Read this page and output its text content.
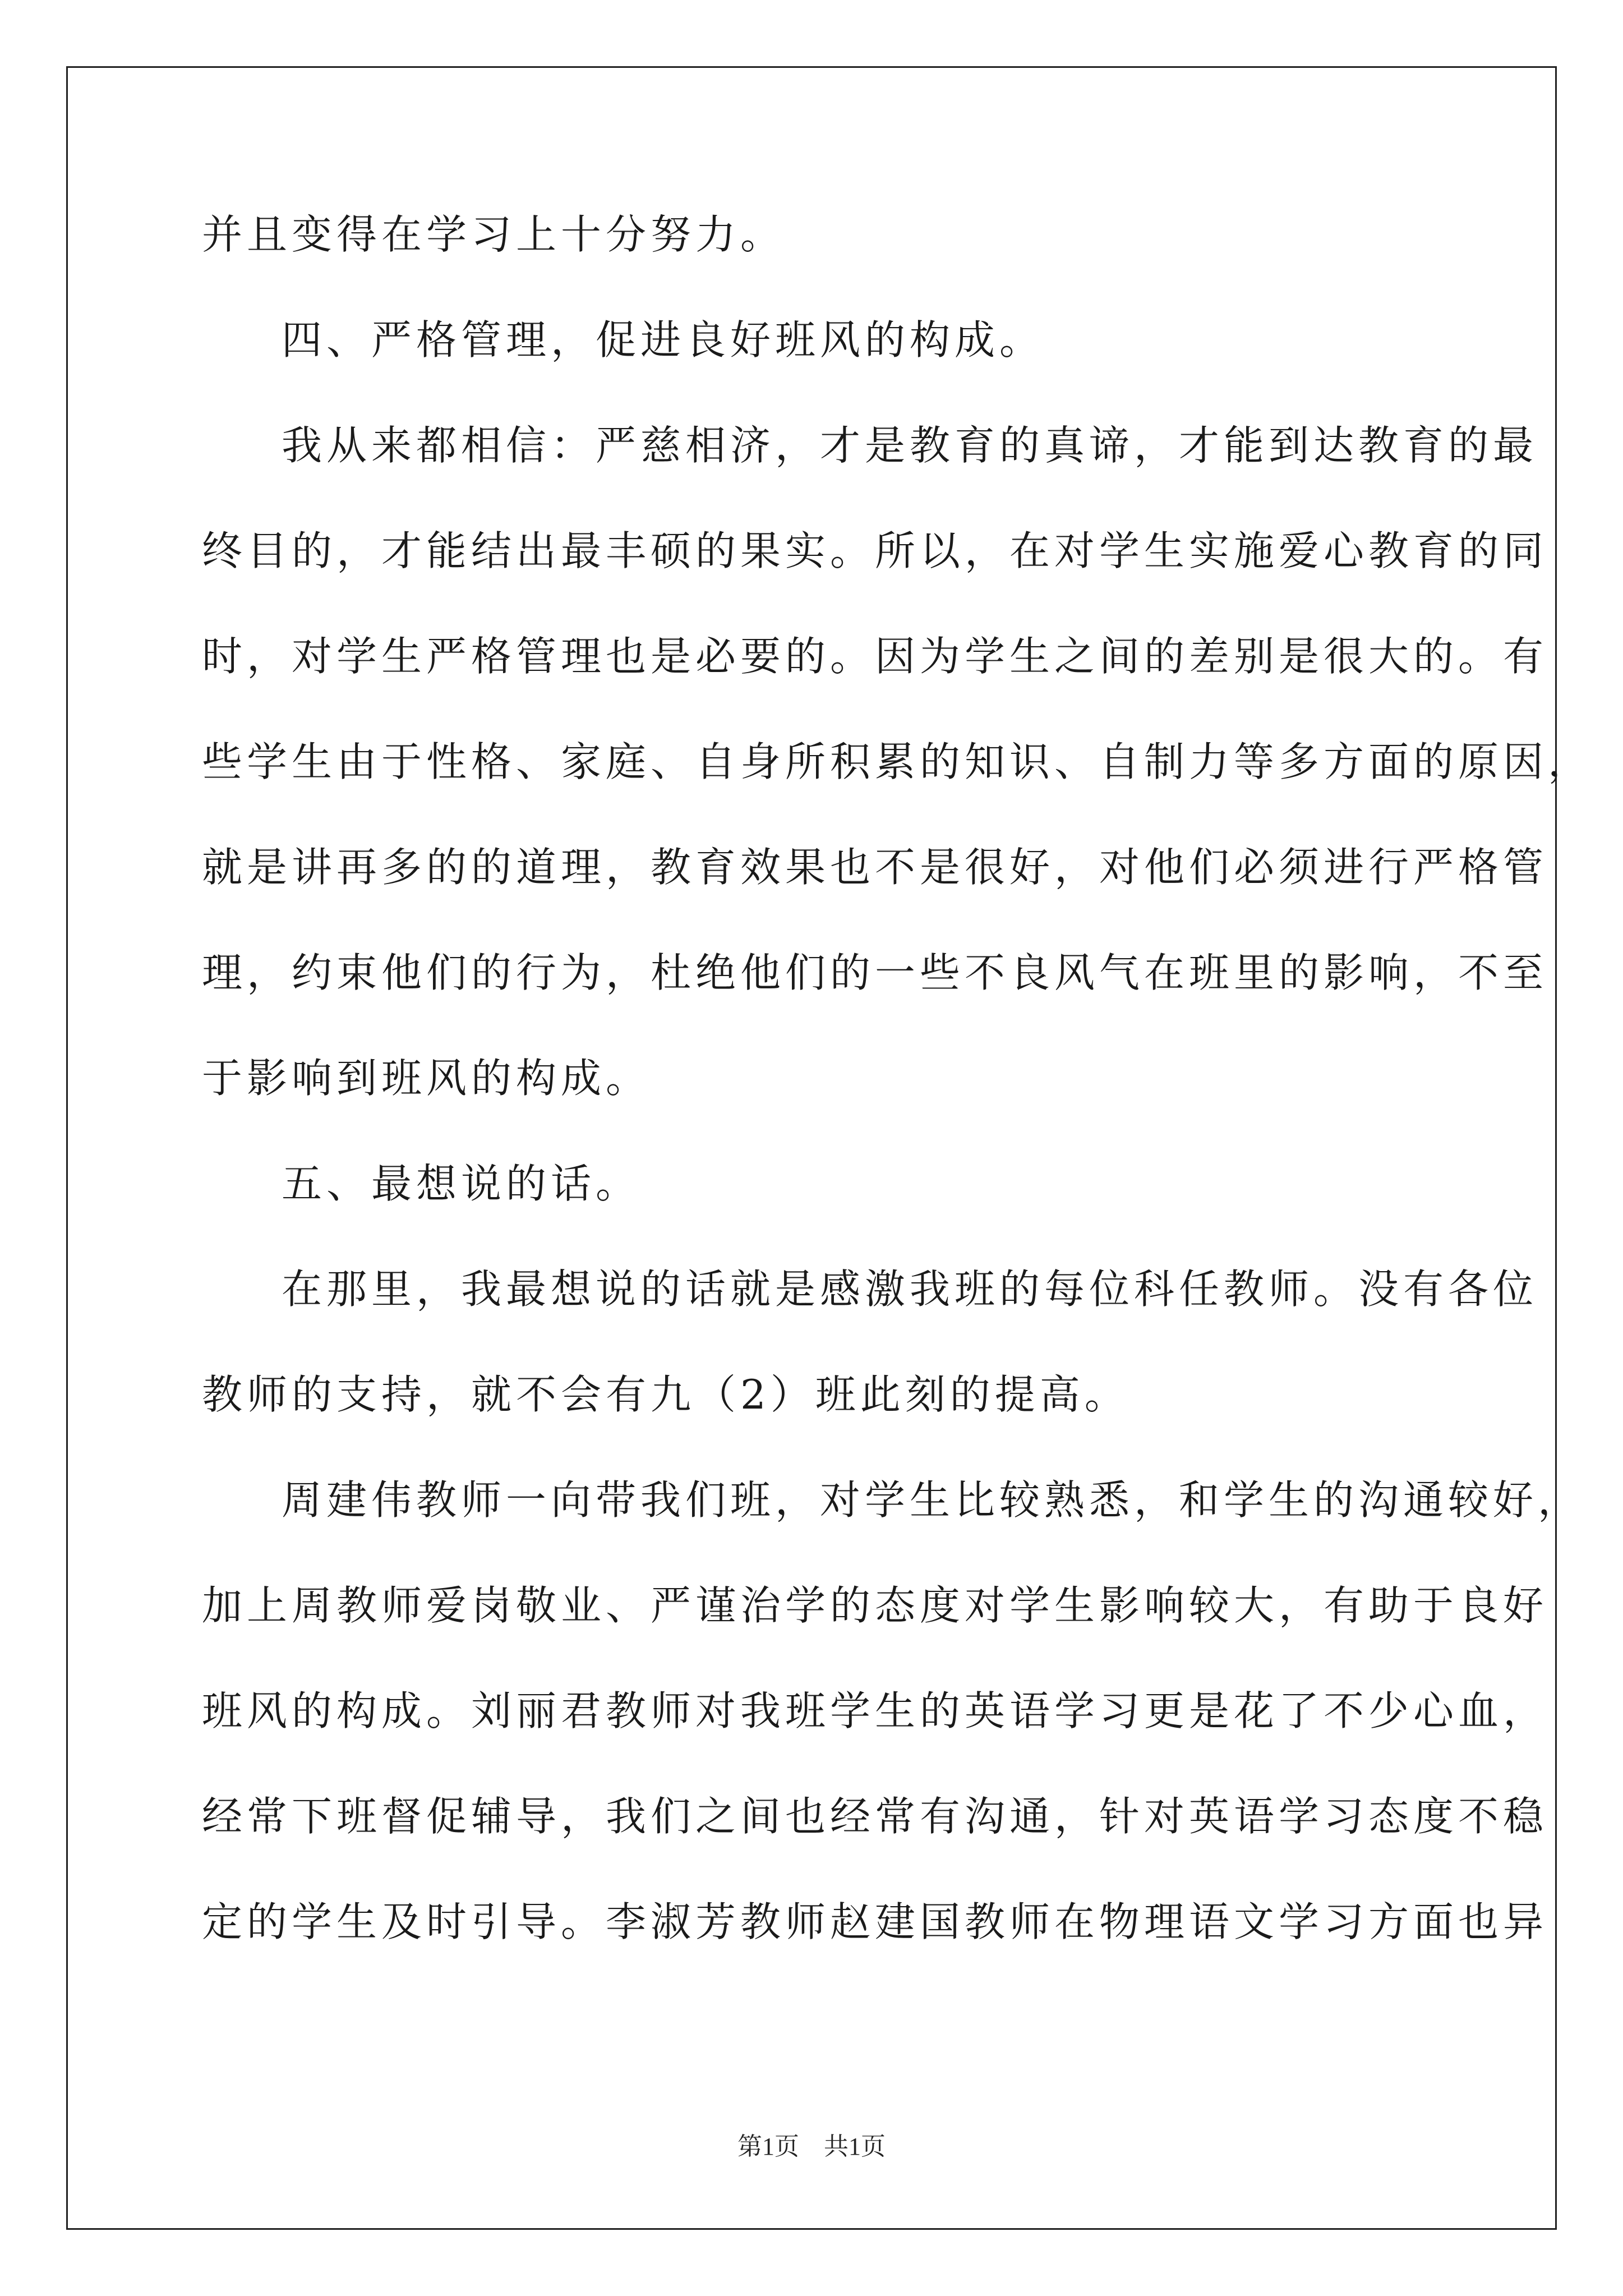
并且变得在学习上十分努力。
四、严格管理，促进良好班风的构成。
我从来都相信：严慈相济，才是教育的真谛，才能到达教育的最
终目的，才能结出最丰硕的果实。所以，在对学生实施爱心教育的同
时，对学生严格管理也是必要的。因为学生之间的差别是很大的。有
些学生由于性格、家庭、自身所积累的知识、自制力等多方面的原因，
就是讲再多的的道理，教育效果也不是很好，对他们必须进行严格管
理，约束他们的行为，杜绝他们的一些不良风气在班里的影响，不至
于影响到班风的构成。
五、最想说的话。
在那里，我最想说的话就是感激我班的每位科任教师。没有各位
教师的支持，就不会有九（2）班此刻的提高。
周建伟教师一向带我们班，对学生比较熟悉，和学生的沟通较好，
加上周教师爱岗敬业、严谨治学的态度对学生影响较大，有助于良好
班风的构成。刘丽君教师对我班学生的英语学习更是花了不少心血，
经常下班督促辅导，我们之间也经常有沟通，针对英语学习态度不稳
定的学生及时引导。李淑芳教师赵建国教师在物理语文学习方面也异
第1页　共1页
